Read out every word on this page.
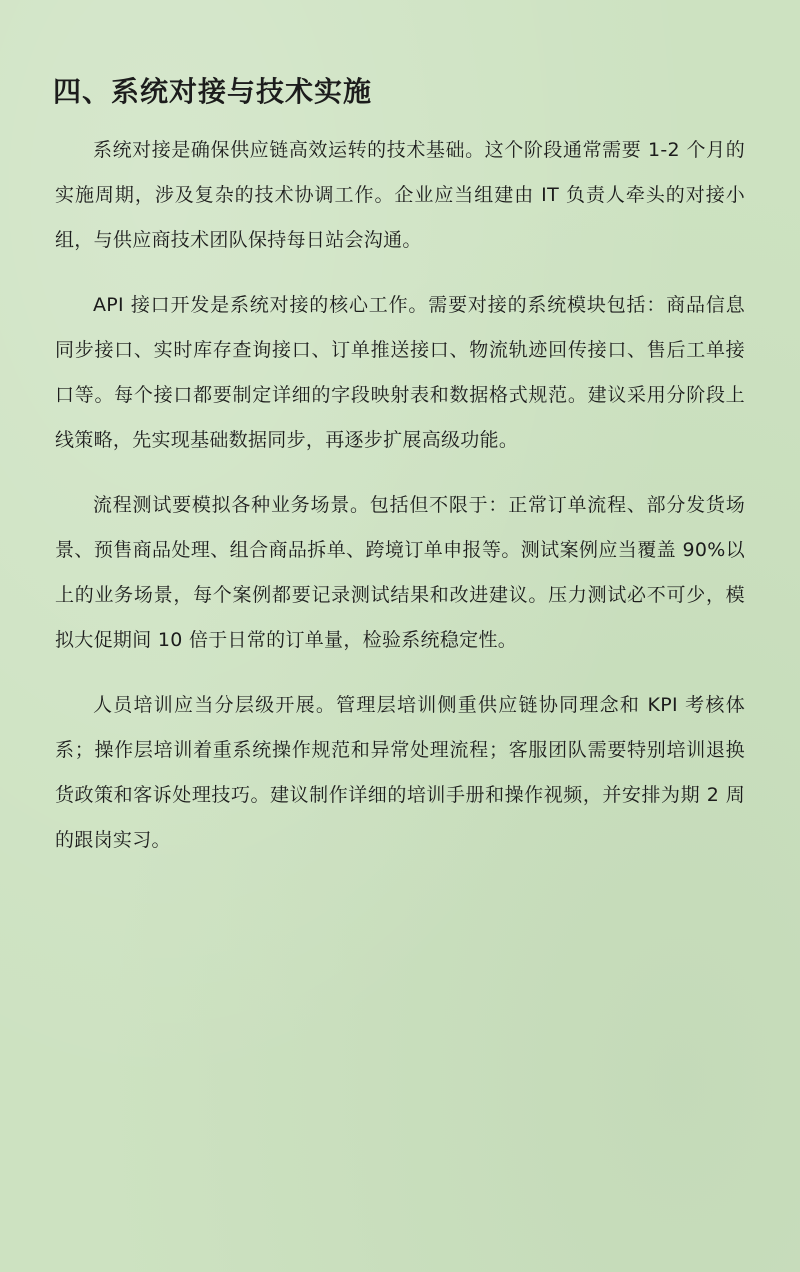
四、系统对接与技术实施

系统对接是确保供应链高效运转的技术基础。这个阶段通常需要 1-2 个月的实施周期，涉及复杂的技术协调工作。企业应当组建由 IT 负责人牵头的对接小组，与供应商技术团队保持每日站会沟通。

API 接口开发是系统对接的核心工作。需要对接的系统模块包括：商品信息同步接口、实时库存查询接口、订单推送接口、物流轨迹回传接口、售后工单接口等。每个接口都要制定详细的字段映射表和数据格式规范。建议采用分阶段上线策略，先实现基础数据同步，再逐步扩展高级功能。

流程测试要模拟各种业务场景。包括但不限于：正常订单流程、部分发货场景、预售商品处理、组合商品拆单、跨境订单申报等。测试案例应当覆盖 90%以上的业务场景，每个案例都要记录测试结果和改进建议。压力测试必不可少，模拟大促期间 10 倍于日常的订单量，检验系统稳定性。

人员培训应当分层级开展。管理层培训侧重供应链协同理念和 KPI 考核体系；操作层培训着重系统操作规范和异常处理流程；客服团队需要特别培训退换货政策和客诉处理技巧。建议制作详细的培训手册和操作视频，并安排为期 2 周的跟岗实习。
